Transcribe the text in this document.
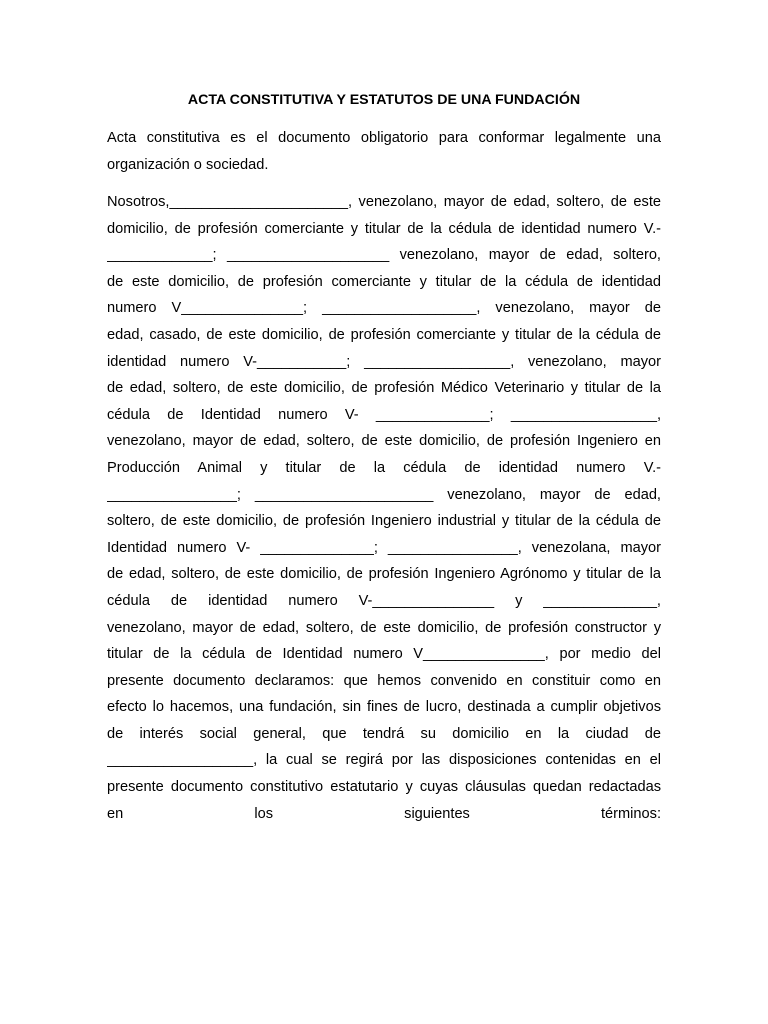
ACTA CONSTITUTIVA Y ESTATUTOS DE UNA FUNDACIÓN
Acta constitutiva es el documento obligatorio para conformar legalmente una
organización o sociedad.
Nosotros,______________________, venezolano, mayor de edad, soltero, de este
domicilio, de profesión comerciante y titular de la cédula de identidad numero V.-
_____________; ____________________ venezolano, mayor de edad, soltero,
de este domicilio, de profesión comerciante y titular de la cédula de identidad
numero V_______________; ___________________, venezolano, mayor de
edad, casado, de este domicilio, de profesión comerciante y titular de la cédula de
identidad numero V-___________; __________________, venezolano, mayor
de edad, soltero, de este domicilio, de profesión Médico Veterinario y titular de la
cédula de Identidad numero V- ______________; __________________,
venezolano, mayor de edad, soltero, de este domicilio, de profesión Ingeniero en
Producción Animal y titular de la cédula de identidad numero V.-
________________; ______________________ venezolano, mayor de edad,
soltero, de este domicilio, de profesión Ingeniero industrial y titular de la cédula de
Identidad numero V- ______________; ________________, venezolana, mayor
de edad, soltero, de este domicilio, de profesión Ingeniero Agrónomo y titular de la
cédula de identidad numero V-_______________ y ______________,
venezolano, mayor de edad, soltero, de este domicilio, de profesión constructor y
titular de la cédula de Identidad numero V_______________, por medio del
presente documento declaramos: que hemos convenido en constituir como en
efecto lo hacemos, una fundación, sin fines de lucro, destinada a cumplir objetivos
de interés social general, que tendrá su domicilio en la ciudad de
__________________, la cual se regirá por las disposiciones contenidas en el
presente documento constitutivo estatutario y cuyas cláusulas quedan redactadas
en los siguientes términos:
